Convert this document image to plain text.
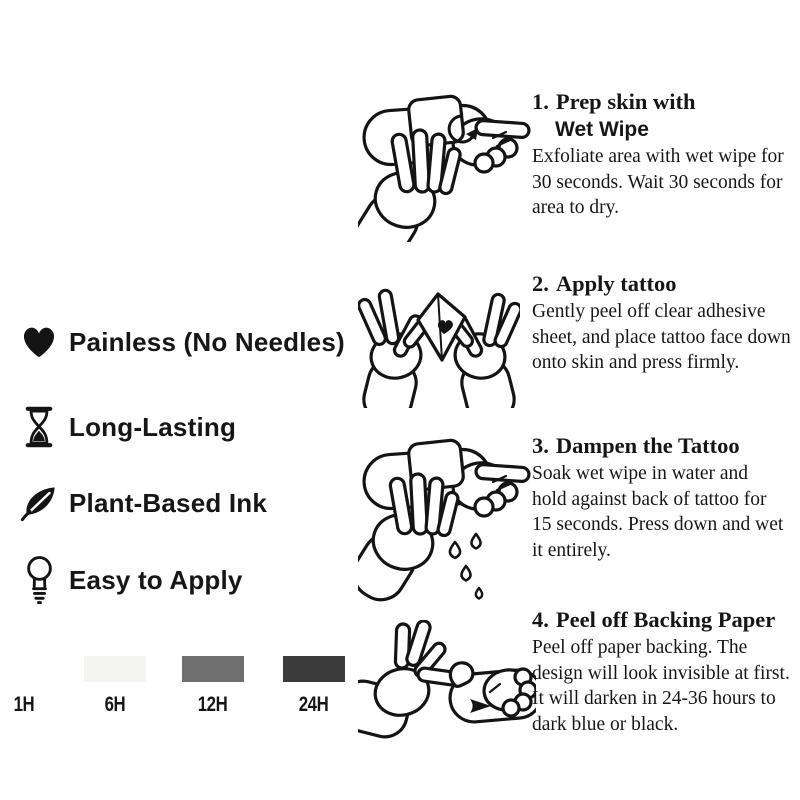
Painless (No Needles)
Long-Lasting
Plant-Based Ink
Easy to Apply
1H	6H	12H	24H
1. Prep skin with
Wet Wipe

Exfoliate area with wet wipe for 30 seconds. Wait 30 seconds for area to dry.

2. Apply tattoo

Gently peel off clear adhesive sheet, and place tattoo face down onto skin and press firmly.

3. Dampen the Tattoo

Soak wet wipe in water and hold against back of tattoo for 15 seconds. Press down and wet it entirely.

4. Peel off Backing Paper

Peel off paper backing. The design will look invisible at first. It will darken in 24-36 hours to dark blue or black.
